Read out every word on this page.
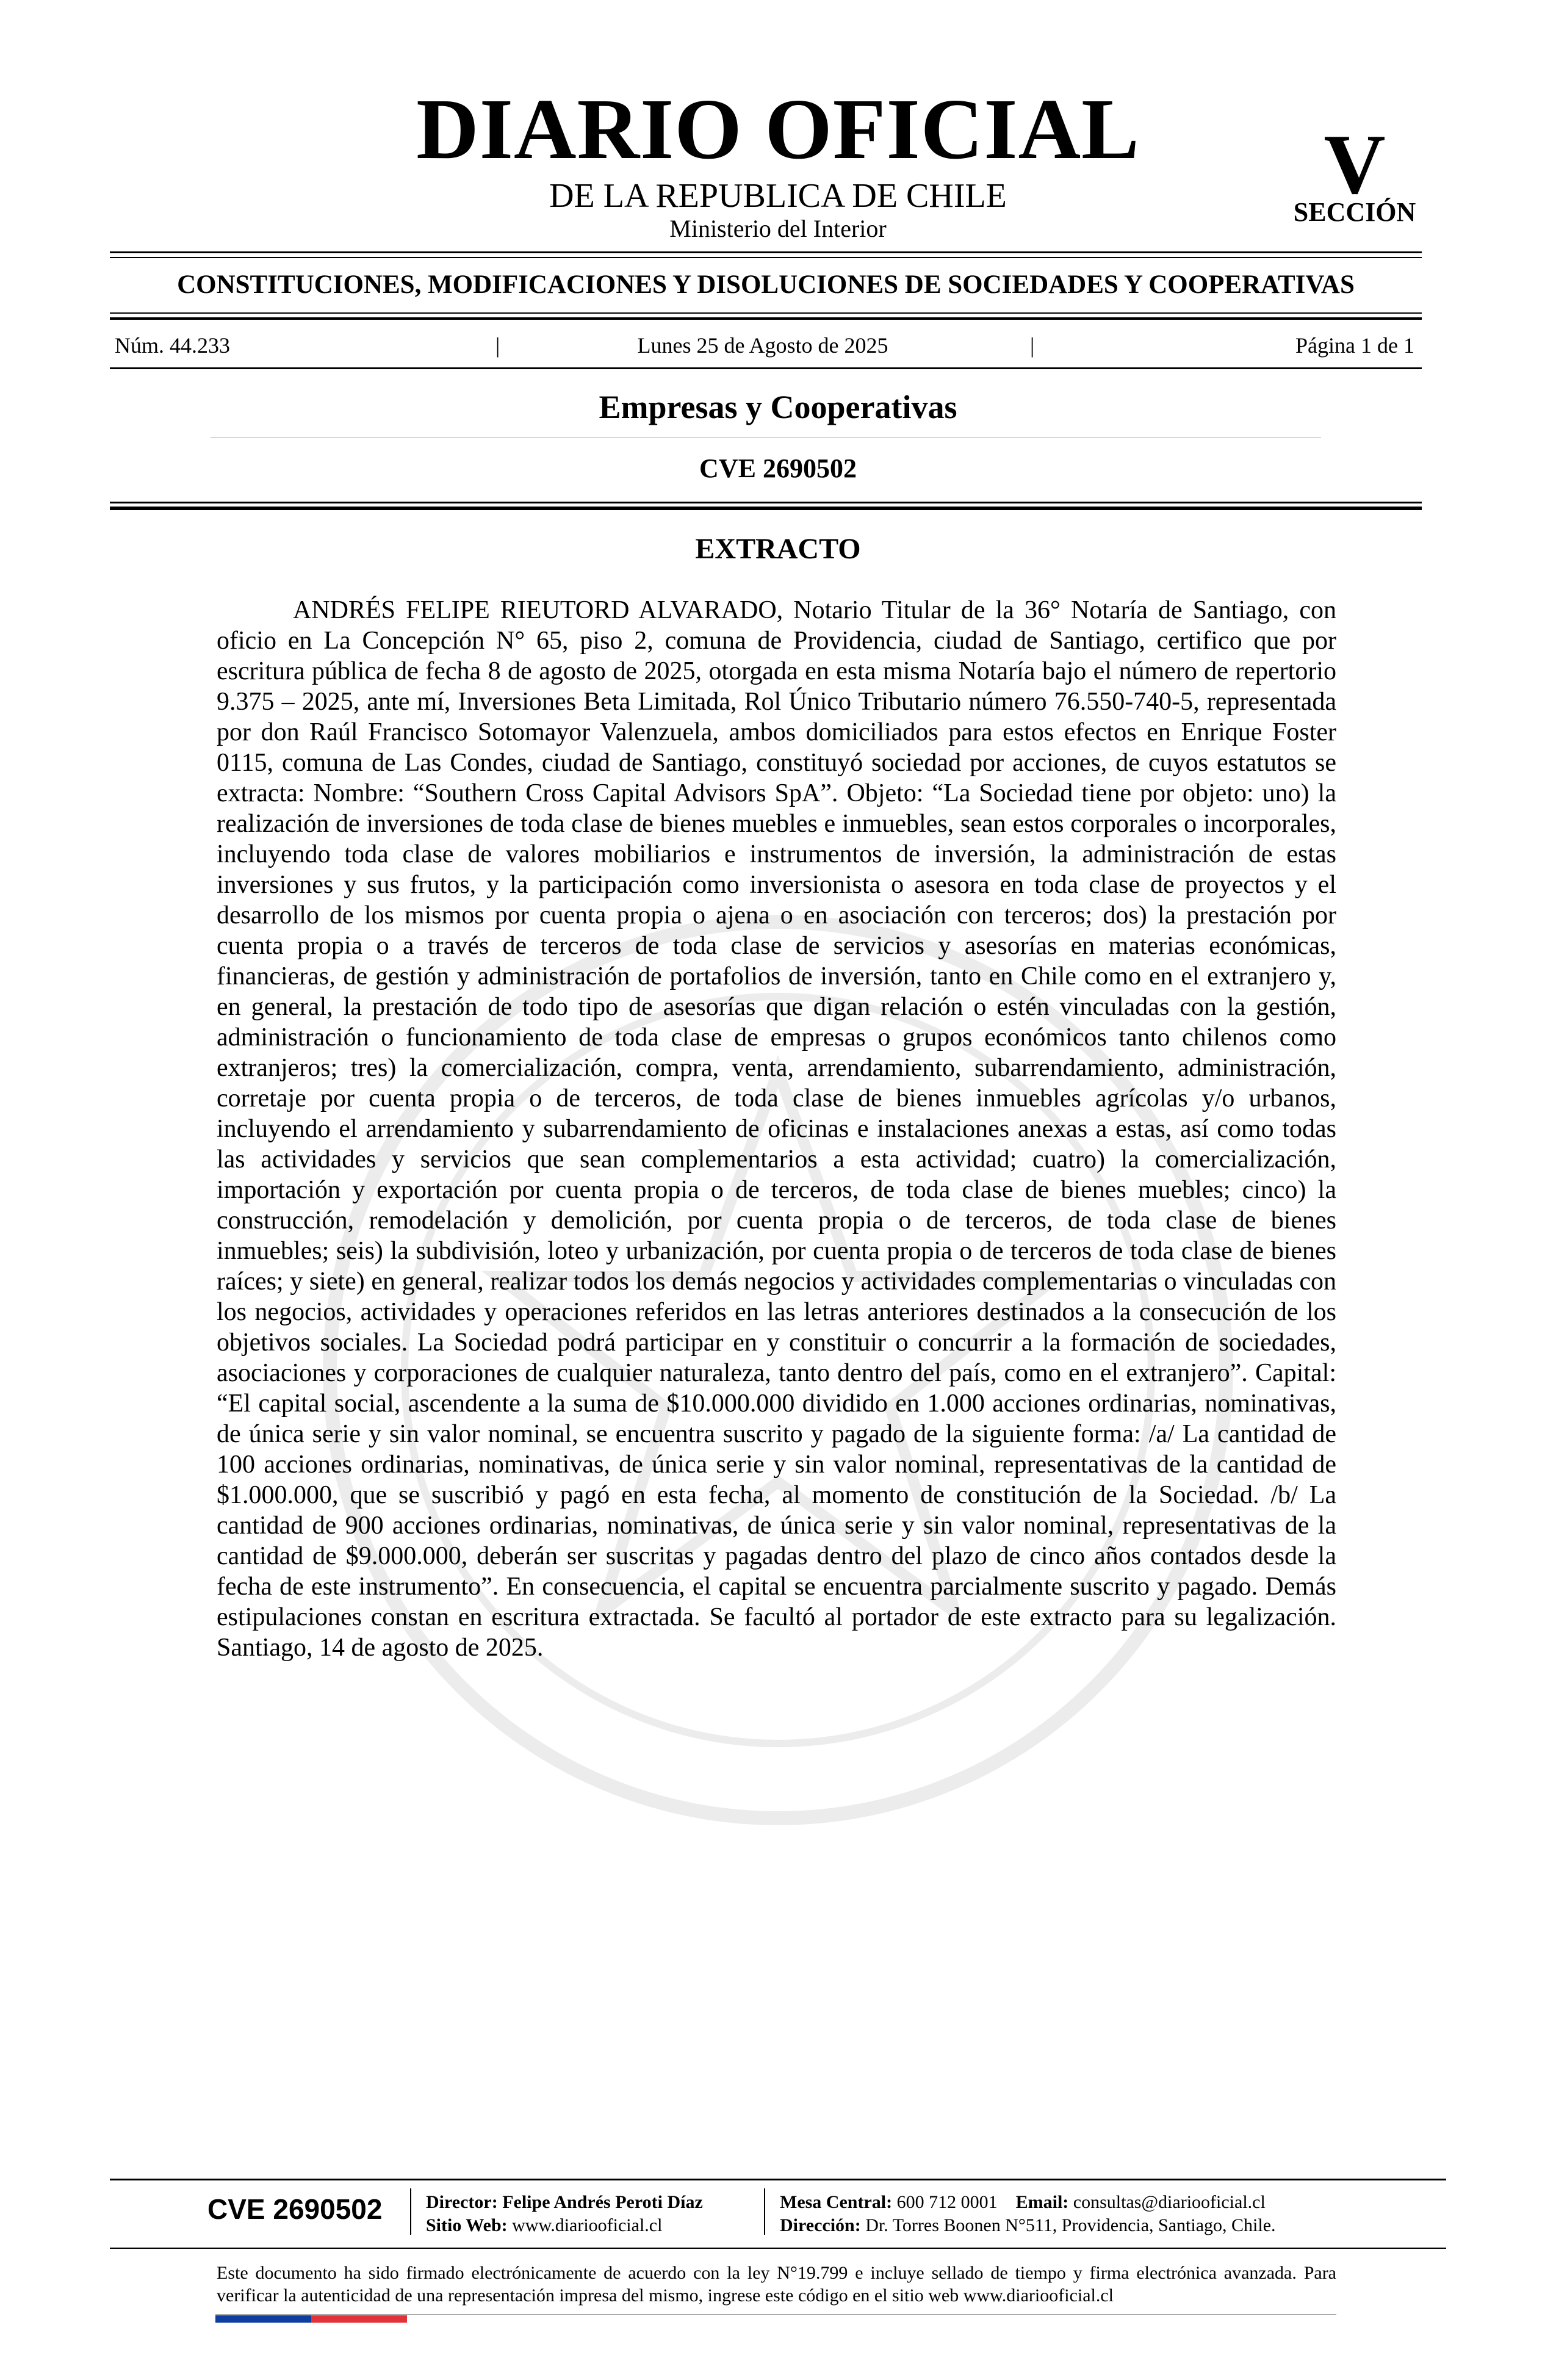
DIARIO OFICIAL
DE LA REPUBLICA DE CHILE
Ministerio del Interior
V
SECCIÓN
CONSTITUCIONES, MODIFICACIONES Y DISOLUCIONES DE SOCIEDADES Y COOPERATIVAS
Núm. 44.233	|	Lunes 25 de Agosto de 2025	|	Página 1 de 1
Empresas y Cooperativas
CVE 2690502
EXTRACTO

ANDRÉS FELIPE RIEUTORD ALVARADO, Notario Titular de la 36° Notaría de Santiago, con oficio en La Concepción N° 65, piso 2, comuna de Providencia, ciudad de Santiago, certifico que por escritura pública de fecha 8 de agosto de 2025, otorgada en esta misma Notaría bajo el número de repertorio 9.375 – 2025, ante mí, Inversiones Beta Limitada, Rol Único Tributario número 76.550-740-5, representada por don Raúl Francisco Sotomayor Valenzuela, ambos domiciliados para estos efectos en Enrique Foster 0115, comuna de Las Condes, ciudad de Santiago, constituyó sociedad por acciones, de cuyos estatutos se extracta: Nombre: “Southern Cross Capital Advisors SpA”. Objeto: “La Sociedad tiene por objeto: uno) la realización de inversiones de toda clase de bienes muebles e inmuebles, sean estos corporales o incorporales, incluyendo toda clase de valores mobiliarios e instrumentos de inversión, la administración de estas inversiones y sus frutos, y la participación como inversionista o asesora en toda clase de proyectos y el desarrollo de los mismos por cuenta propia o ajena o en asociación con terceros; dos) la prestación por cuenta propia o a través de terceros de toda clase de servicios y asesorías en materias económicas, financieras, de gestión y administración de portafolios de inversión, tanto en Chile como en el extranjero y, en general, la prestación de todo tipo de asesorías que digan relación o estén vinculadas con la gestión, administración o funcionamiento de toda clase de empresas o grupos económicos tanto chilenos como extranjeros; tres) la comercialización, compra, venta, arrendamiento, subarrendamiento, administración, corretaje por cuenta propia o de terceros, de toda clase de bienes inmuebles agrícolas y/o urbanos, incluyendo el arrendamiento y subarrendamiento de oficinas e instalaciones anexas a estas, así como todas las actividades y servicios que sean complementarios a esta actividad; cuatro) la comercialización, importación y exportación por cuenta propia o de terceros, de toda clase de bienes muebles; cinco) la construcción, remodelación y demolición, por cuenta propia o de terceros, de toda clase de bienes inmuebles; seis) la subdivisión, loteo y urbanización, por cuenta propia o de terceros de toda clase de bienes raíces; y siete) en general, realizar todos los demás negocios y actividades complementarias o vinculadas con los negocios, actividades y operaciones referidos en las letras anteriores destinados a la consecución de los objetivos sociales. La Sociedad podrá participar en y constituir o concurrir a la formación de sociedades, asociaciones y corporaciones de cualquier naturaleza, tanto dentro del país, como en el extranjero”. Capital: “El capital social, ascendente a la suma de $10.000.000 dividido en 1.000 acciones ordinarias, nominativas, de única serie y sin valor nominal, se encuentra suscrito y pagado de la siguiente forma: /a/ La cantidad de 100 acciones ordinarias, nominativas, de única serie y sin valor nominal, representativas de la cantidad de $1.000.000, que se suscribió y pagó en esta fecha, al momento de constitución de la Sociedad. /b/ La cantidad de 900 acciones ordinarias, nominativas, de única serie y sin valor nominal, representativas de la cantidad de $9.000.000, deberán ser suscritas y pagadas dentro del plazo de cinco años contados desde la fecha de este instrumento”. En consecuencia, el capital se encuentra parcialmente suscrito y pagado. Demás estipulaciones constan en escritura extractada. Se facultó al portador de este extracto para su legalización. Santiago, 14 de agosto de 2025.

CVE 2690502 Director: Felipe Andrés Peroti Díaz
Sitio Web: www.diariooficial.cl
Mesa Central: 600 712 0001 Email: consultas@diariooficial.cl
Dirección: Dr. Torres Boonen N°511, Providencia, Santiago, Chile.
Este documento ha sido firmado electrónicamente de acuerdo con la ley N°19.799 e incluye sellado de tiempo y firma electrónica avanzada. Para verificar la autenticidad de una representación impresa del mismo, ingrese este código en el sitio web www.diariooficial.cl
